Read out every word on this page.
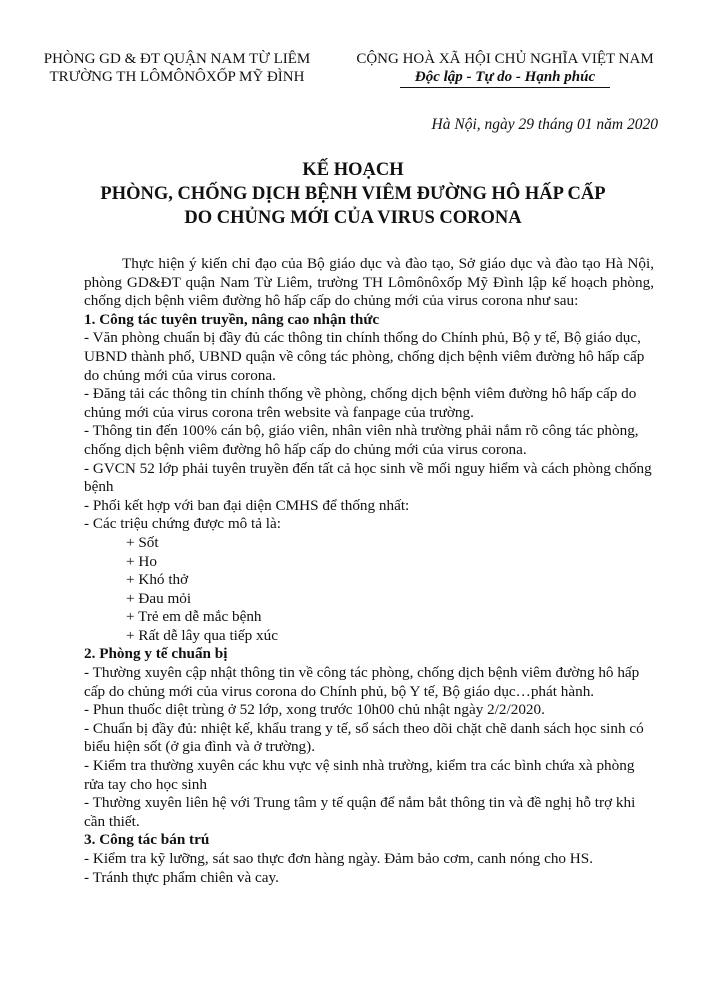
PHÒNG GD & ĐT QUẬN NAM TỪ LIÊM
TRƯỜNG TH LÔMÔNÔXỐP MỸ ĐÌNH
CỘNG HOÀ XÃ HỘI CHỦ NGHĨA VIỆT NAM
Độc lập - Tự do - Hạnh phúc
Hà Nội, ngày 29 tháng 01 năm 2020
KẾ HOẠCH
PHÒNG, CHỐNG DỊCH BỆNH VIÊM ĐƯỜNG HÔ HẤP CẤP
DO CHỦNG MỚI CỦA VIRUS CORONA

Thực hiện ý kiến chỉ đạo của Bộ giáo dục và đào tạo, Sở giáo dục và đào tạo Hà Nội, phòng GD&ĐT quận Nam Từ Liêm, trường TH Lômônôxốp Mỹ Đình lập kế hoạch phòng, chống dịch bệnh viêm đường hô hấp cấp do chủng mới của virus corona như sau:

1. Công tác tuyên truyền, nâng cao nhận thức

- Văn phòng chuẩn bị đầy đủ các thông tin chính thống do Chính phủ, Bộ y tế, Bộ giáo dục, UBND thành phố, UBND quận về công tác phòng, chống dịch bệnh viêm đường hô hấp cấp do chủng mới của virus corona.

- Đăng tải các thông tin chính thống về phòng, chống dịch bệnh viêm đường hô hấp cấp do chủng mới của virus corona trên website và fanpage của trường.

- Thông tin đến 100% cán bộ, giáo viên, nhân viên nhà trường phải nắm rõ công tác phòng, chống dịch bệnh viêm đường hô hấp cấp do chủng mới của virus corona.

- GVCN 52 lớp phải tuyên truyền đến tất cả học sinh về mối nguy hiểm và cách phòng chống bệnh

- Phối kết hợp với ban đại diện CMHS để thống nhất:

- Các triệu chứng được mô tả là:

+ Sốt

+ Ho

+ Khó thở

+ Đau mỏi

+ Trẻ em dễ mắc bệnh

+ Rất dễ lây qua tiếp xúc

2. Phòng y tế chuẩn bị

- Thường xuyên cập nhật thông tin về công tác phòng, chống dịch bệnh viêm đường hô hấp cấp do chủng mới của virus corona do Chính phủ, bộ Y tế, Bộ giáo dục…phát hành.

- Phun thuốc diệt trùng ở 52 lớp, xong trước 10h00 chủ nhật ngày 2/2/2020.

- Chuẩn bị đầy đủ: nhiệt kế, khẩu trang y tế, sổ sách theo dõi chặt chẽ danh sách học sinh có biểu hiện sốt (ở gia đình và ở trường).

- Kiểm tra thường xuyên các khu vực vệ sinh nhà trường, kiểm tra các bình chứa xà phòng rửa tay cho học sinh

- Thường xuyên liên hệ với Trung tâm y tế quận để nắm bắt thông tin và đề nghị hỗ trợ khi cần thiết.

3. Công tác bán trú

- Kiểm tra kỹ lưỡng, sát sao thực đơn hàng ngày. Đảm bảo cơm, canh nóng cho HS.

- Tránh thực phẩm chiên và cay.
